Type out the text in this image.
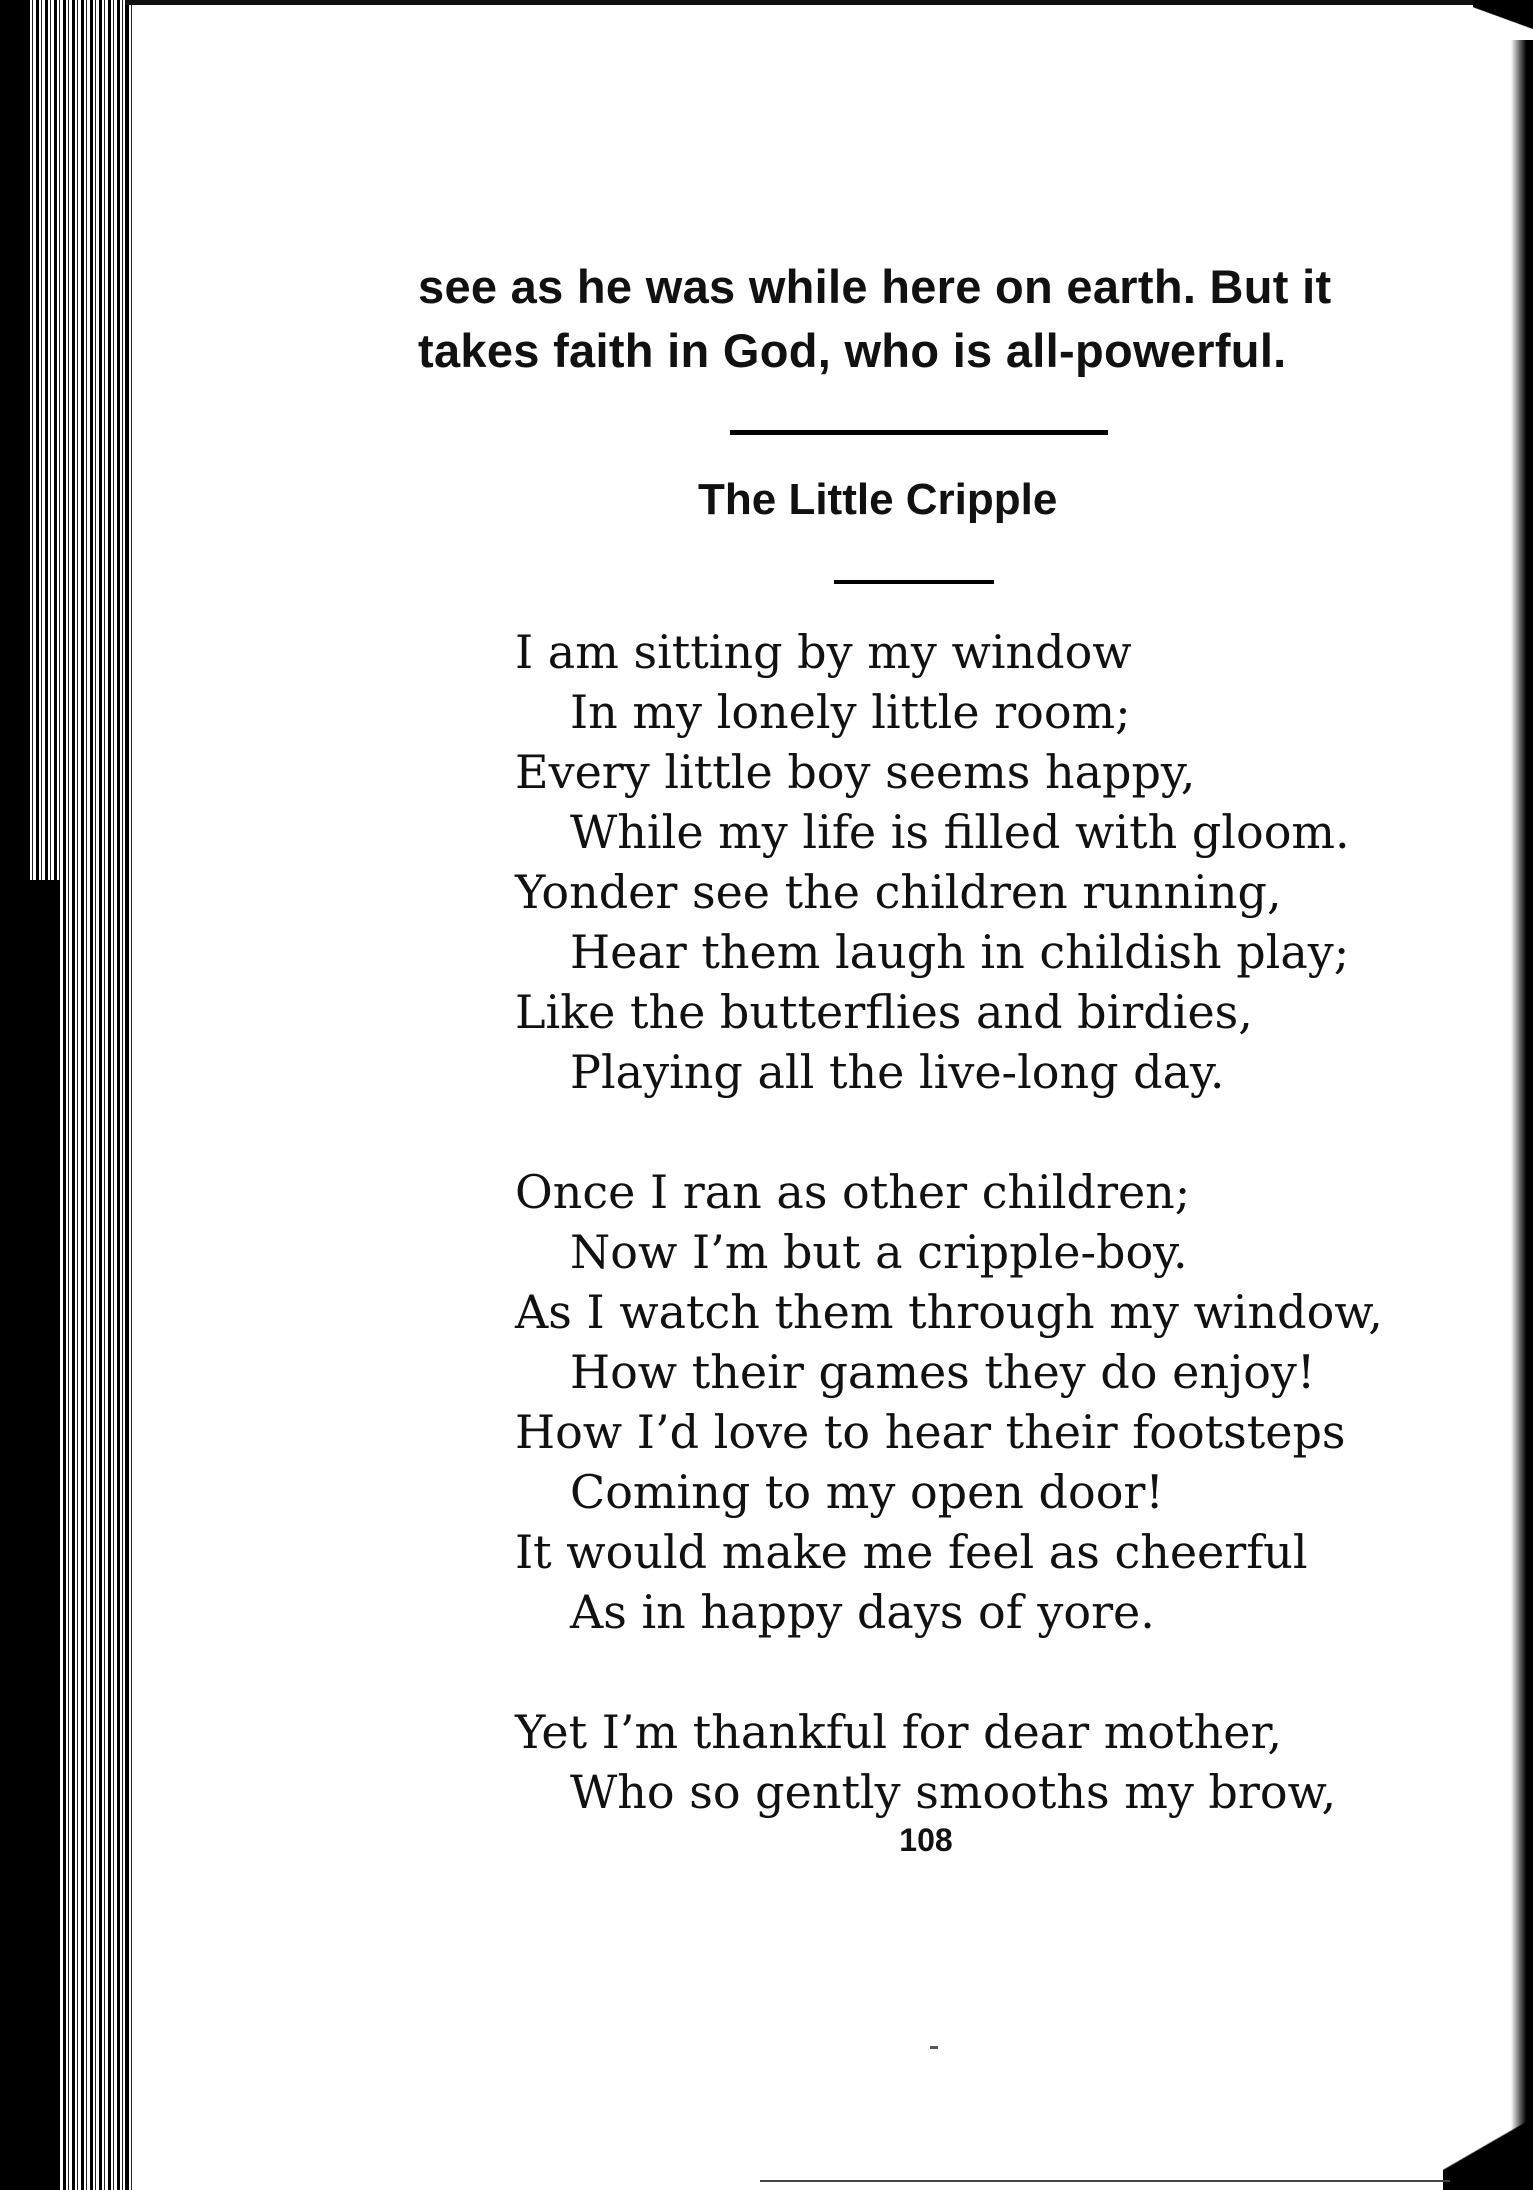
see as he was while here on earth. But it
takes faith in God, who is all-powerful.
The Little Cripple
I am sitting by my window
In my lonely little room;
Every little boy seems happy,
While my life is filled with gloom.
Yonder see the children running,
Hear them laugh in childish play;
Like the butterflies and birdies,
Playing all the live-long day.
Once I ran as other children;
Now I’m but a cripple-boy.
As I watch them through my window,
How their games they do enjoy!
How I’d love to hear their footsteps
Coming to my open door!
It would make me feel as cheerful
As in happy days of yore.
Yet I’m thankful for dear mother,
Who so gently smooths my brow,
108
